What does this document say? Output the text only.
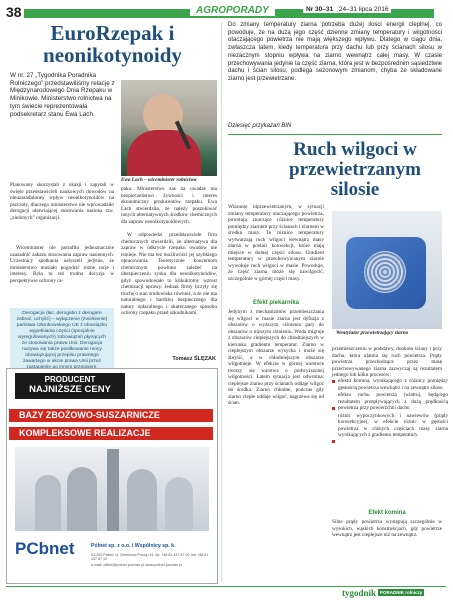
38	AGROPORADY	Nr 30–31 24–31 lipca 2016
EuroRzepak i neonikotynoidy

W nr. 27 „Tygodnika Poradnika Rolniczego” przedstawiliśmy relację z Międzynarodowego Dnia Rzepaku w Minikowie. Ministerstwo rolnictwa na tym świecie reprezentowała podsekretarz stanu Ewa Lach.

Ewa Lach – wiceminister rolnictwa

Planowany skorzystali z okazji i zapytali w święto przedstawicieli naukowych dowodów na nieuzasadnioney wpływ neonikotynoidów na pszczoły, dlaczego ministerstwo nie wprowadziło derogacji ułatwiającej stosowania nasiona tzw. „zielonych” organizacji.

Wiceminister nie potrafiła jednoznacznie uzasadnić zakazu stosowania zapraw nasiennych. Uczestnicy spotkania usłyszeli jedynie, że ministerstwo musiało pogodzić różne racje i interesy. Była to też trudna decyzja w perspektywie ochrony ra-

Derogacja (łac. derogatio z derogare zabrać; uchylić) – wyłączenie (zwolnienie) państwa członkowskiego UE z obowiązku wypełniania części (specjalnie wyregulowanych) zobowiązań płynących ze stosowania prawa Unii. Derogacja nazywa się także posiłkowanie mocy obowiązującej przepisu prawnego zawartego w akcie prawa Unii przez

paku. Ministerstwo zaś na uwadze ma bezpieczeństwo żywności i interes ekonomiczny producentów rzepaku. Ewa Lach stwierdziła, że należy poszukiwać innych alternatywnych środków chemicznych dla zapraw neonikotynoidowych.

W odpowiedzi przedstawiciele firm chemicznych stwierdzili, że alternatywa dla zapraw w odkrycie rzepaku owadów nie istnieje. Nie ma też możliwości jej szybkiego opracowania. Teoretycznie koncernom chemicznym powinno zależeć na ubezpieczeniu zysku dla neonikotynoidów, gdyż spowodowało to kilkukrotny wzrost chemizacji uprawy. Jednak firmy liczyły się trochę o stan środowiska również, a że nie ma naturalnego i bardziej bezpiecznego dla natury opłacalnego i skutecznego sposobu ochrony rzepaku przed szkodnikami.

Tomasz ŚLĘZAK

PRODUCENT
NAJNIŻSZE CENY
BAZY ZBOŻOWO-SUSZARNICZE
KOMPLEKSOWE REALIZACJE
PCbnet	Pólnet sp. z o.o. i Wspólnicy sp. k.
63-200 Pólnet, ul. Obrońców Pokoju 41, tel. +48 61 437 87 00, fax +48 61 437 87 10
e-mail: office@polnet.poznan.pl www.polnet.poznan.pl

Do zmiany temperatury ziarna potrzeba dużej ilości energii cieplnej, co powoduje, że na dużą jego część dzienne zmiany temperatury i wilgotności otaczającego powietrza nie mają większego wpływu. Dlatego w ciągu dnia, zwłaszcza latem, kiedy temperatura przy dachu lub przy ścianach silosu w niezacznym stopniu wpływa na ziarno wewnątrz całej masy. W czasie przechowywania jedynie ta część ziarna, która jest w bezpośrednim sąsiedztwie dachu i ścian silosu, podlega sezonowym zmianom, chyba że składowane ziarno jest przewietrzane.

Dziesięć przykazań BIN

Ruch wilgoci w przewietrzanym silosie

Wiarunie niprzewietrzanym, w sytuacji zmiany temperatury otaczającego powietrza, powstają znaczące różnice temperatury pomiędzy ziarnem przy ścianach i ziarnem w środku masy. Te różnice temperatury wytwarzają ruch wilgoci wewnątrz masy ziarna w postaci konwekcji, które mają miejsce w dolnej części silosu. Gradient temperatury w przechowywanym ziarnie wywołuje ruch wilgoci w masie. Powoduje, że część ziarna może się zawilgocić, szczególnie w górnej części masy.

Efekt piekarnika

Jedynym z mechanizmów przemieszczania się wilgoci w masie ziarna jest dyfuzja z obszarów o wyższym ciśnieniu pary do obszarów o niższym ciśnieniu. Woda migruje z obszarów cieplejszych do chłodniejszych w kierunku gradientu temperatur. Ziarno w cieplejszym obszarze wysycha i może się zbrylić, a w chłodniejszym obszarze wilgotnieje. W efekcie w górnej warstwie tworzy się warstwa o podwyższonej wilgotności. Latem sytuacja jest odwrotna: cieplejsze ziarno przy ścianach oddaje wilgoć do środka. Ziarno chłodne, podczas gdy ziarno ciepłe oddaje wilgoć, nagrzewa się od ścian.

Wentylator przewietrzający ziarno

przemieszczeniu w podstawy, dookoła ściany i przy dachu, która ulatnia się ruch powietrza. Prądy powietrza przechodzące przez masę przechowywanego ziarna zazwyczaj są rezultatem jednego lub kilku procesów:

efektu komina, wynikającego z różnicy pomiędzy gęstością powietrza wewnątrz i na zewnątrz silosu
efektu ruchu powietrza (wiatru), będącego rezultatem przepływających z dużą prędkością powietrza przy powierzchni dachu
różnic wypoczynkowych i nawiewów (prądy konwekcyjne), w efekcie różnic w gęstości powietrza w różnych częściach masy ziarna wynikających z gradientu temperatury.

Efekt komina

Silne prądy powietrza występują szczególnie w wysokich, wąskich konstrukcjach, gdy powietrze wewnątrz jest cieplejsze niż na zewnątrz.

tygodnik PORADNIK rolniczy
